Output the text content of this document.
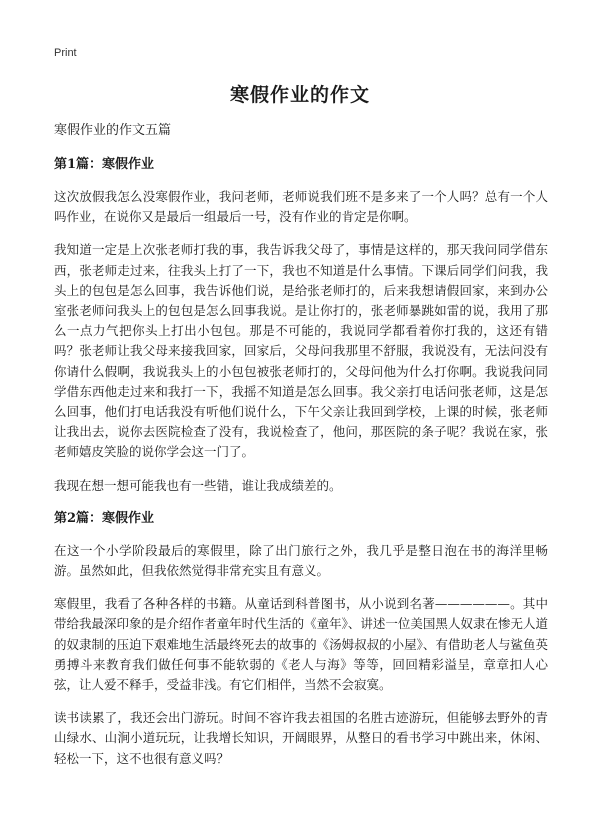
Print
寒假作业的作文
寒假作业的作文五篇
第1篇：寒假作业

这次放假我怎么没寒假作业，我问老师，老师说我们班不是多来了一个人吗？总有一个人吗作业，在说你又是最后一组最后一号，没有作业的肯定是你啊。

我知道一定是上次张老师打我的事，我告诉我父母了，事情是这样的，那天我问同学借东西，张老师走过来，往我头上打了一下，我也不知道是什么事情。下课后同学们问我，我头上的包包是怎么回事，我告诉他们说，是给张老师打的，后来我想请假回家，来到办公室张老师问我头上的包包是怎么回事我说。是让你打的，张老师暴跳如雷的说，我用了那么一点力气把你头上打出小包包。那是不可能的，我说同学都看着你打我的，这还有错吗？张老师让我父母来接我回家，回家后，父母问我那里不舒服，我说没有，无法问没有你请什么假啊，我说我头上的小包包被张老师打的，父母问他为什么打你啊。我说我问同学借东西他走过来和我打一下，我摇不知道是怎么回事。我父亲打电话问张老师，这是怎么回事，他们打电话我没有听他们说什么，下午父亲让我回到学校，上课的时候，张老师让我出去，说你去医院检查了没有，我说检查了，他问，那医院的条子呢？我说在家，张老师嬉皮笑脸的说你学会这一门了。

我现在想一想可能我也有一些错，谁让我成绩差的。

第2篇：寒假作业

在这一个小学阶段最后的寒假里，除了出门旅行之外，我几乎是整日泡在书的海洋里畅游。虽然如此，但我依然觉得非常充实且有意义。

寒假里，我看了各种各样的书籍。从童话到科普图书，从小说到名著——————。其中带给我最深印象的是介绍作者童年时代生活的《童年》、讲述一位美国黑人奴隶在惨无人道的奴隶制的压迫下艰难地生活最终死去的故事的《汤姆叔叔的小屋》、有借助老人与鲨鱼英勇搏斗来教育我们做任何事不能软弱的《老人与海》等等，回回精彩溢呈，章章扣人心弦，让人爱不释手，受益非浅。有它们相伴，当然不会寂寞。

读书读累了，我还会出门游玩。时间不容许我去祖国的名胜古迹游玩，但能够去野外的青山绿水、山涧小道玩玩，让我增长知识，开阔眼界，从整日的看书学习中跳出来，休闲、轻松一下，这不也很有意义吗？
